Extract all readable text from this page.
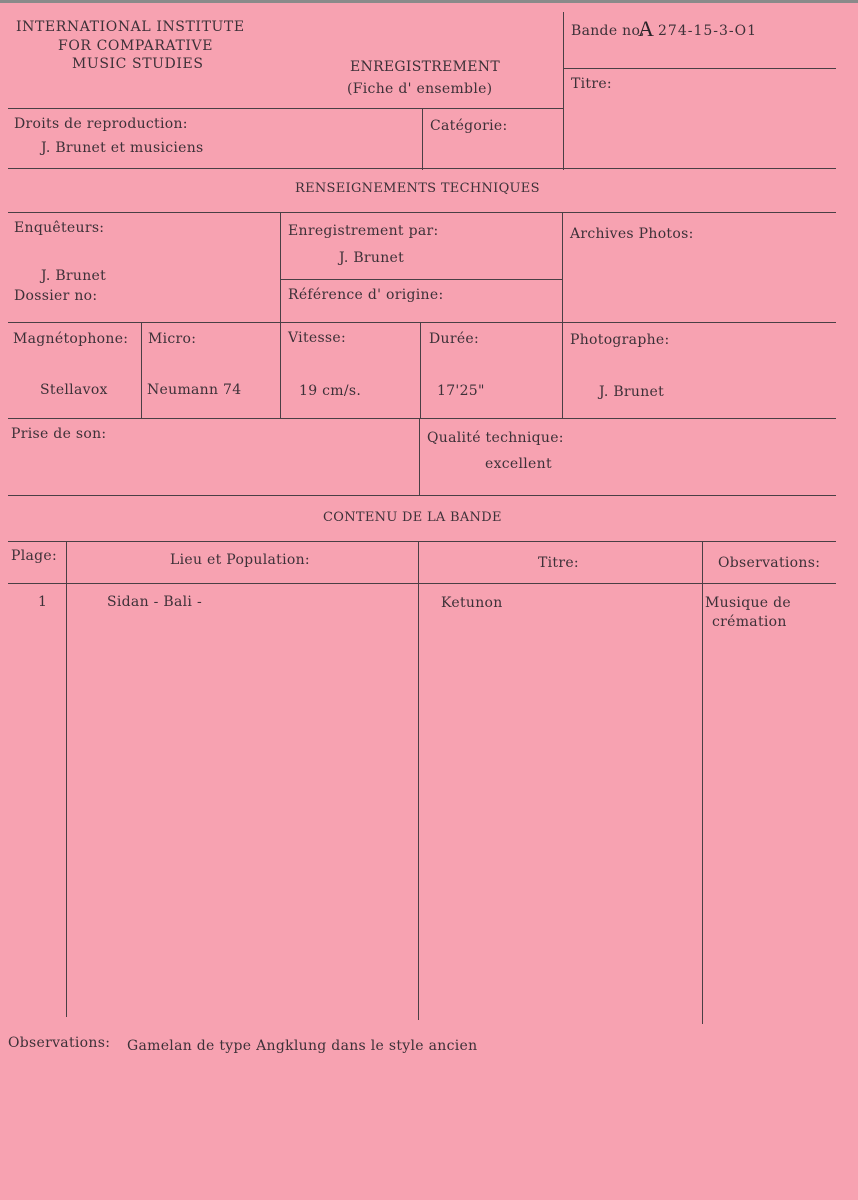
INTERNATIONAL INSTITUTE
FOR COMPARATIVE
MUSIC STUDIES	ENREGISTREMENT
(Fiche d' ensemble)
Bande no.
A 274-15-3-O1
Titre:
Droits de reproduction:
J. Brunet et musiciens
Catégorie:
RENSEIGNEMENTS TECHNIQUES
Enquêteurs:
J. Brunet
Dossier no:
Enregistrement par:
J. Brunet
Référence d' origine:
Archives Photos:
Magnétophone:
Stellavox
Micro:
Neumann 74
Vitesse:
19 cm/s.
Durée:
17'25"
Photographe:
J. Brunet
Prise de son:	Qualité technique:
excellent
CONTENU DE LA BANDE
Plage:	Lieu et Population:	Titre:	Observations:
1	Sidan - Bali -	Ketunon	Musique de
crémation
Observations: Gamelan de type Angklung dans le style ancien
